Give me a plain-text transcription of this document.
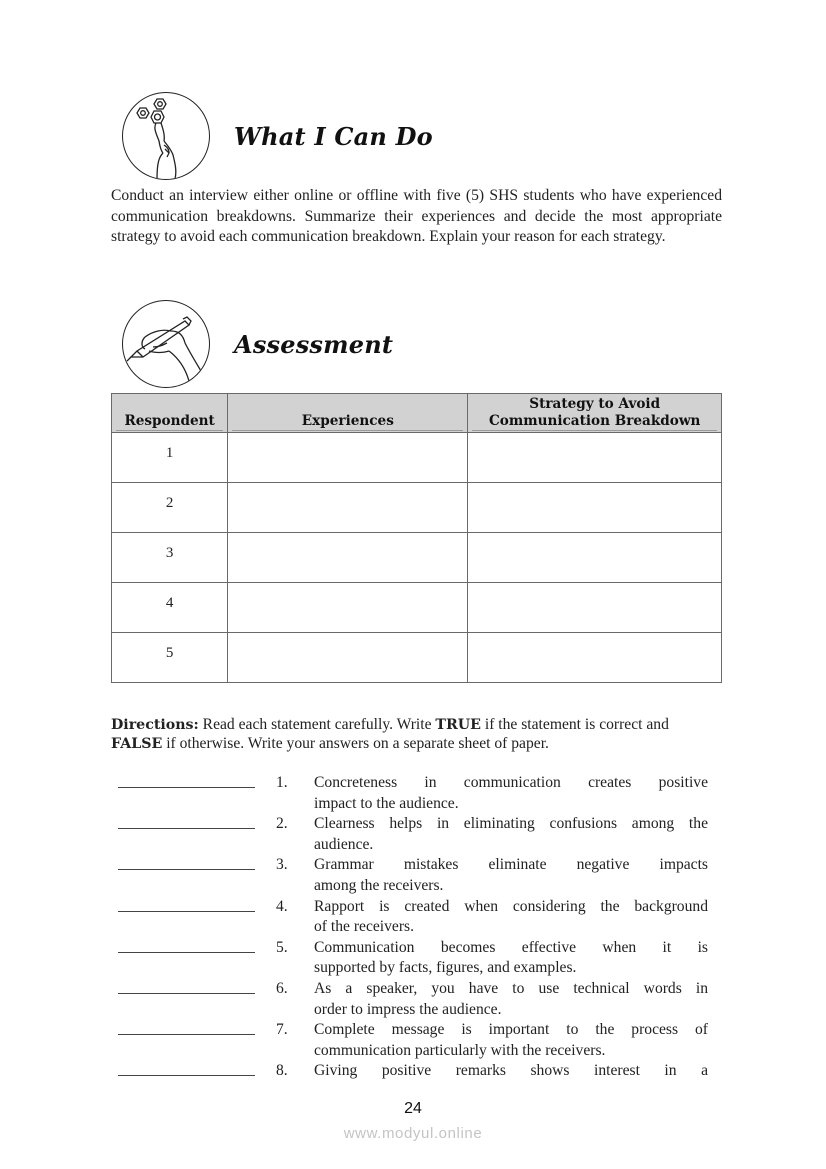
What I Can Do
Conduct an interview either online or offline with five (5) SHS students who have experienced communication breakdowns. Summarize their experiences and decide the most appropriate strategy to avoid each communication breakdown. Explain your reason for each strategy.
Assessment
Respondent	Experiences	Strategy to Avoid
Communication Breakdown

1		
2		
3		
4		
5		
Directions: Read each statement carefully. Write TRUE if the statement is correct and FALSE if otherwise. Write your answers on a separate sheet of paper.
1. Concreteness in communication creates positive
impact to the audience.
2. Clearness helps in eliminating confusions among the
audience.
3. Grammar mistakes eliminate negative impacts
among the receivers.
4. Rapport is created when considering the background
of the receivers.
5. Communication becomes effective when it is
supported by facts, figures, and examples.
6. As a speaker, you have to use technical words in
order to impress the audience.
7. Complete message is important to the process of
communication particularly with the receivers.
8. Giving positive remarks shows interest in a
24
www.modyul.online
